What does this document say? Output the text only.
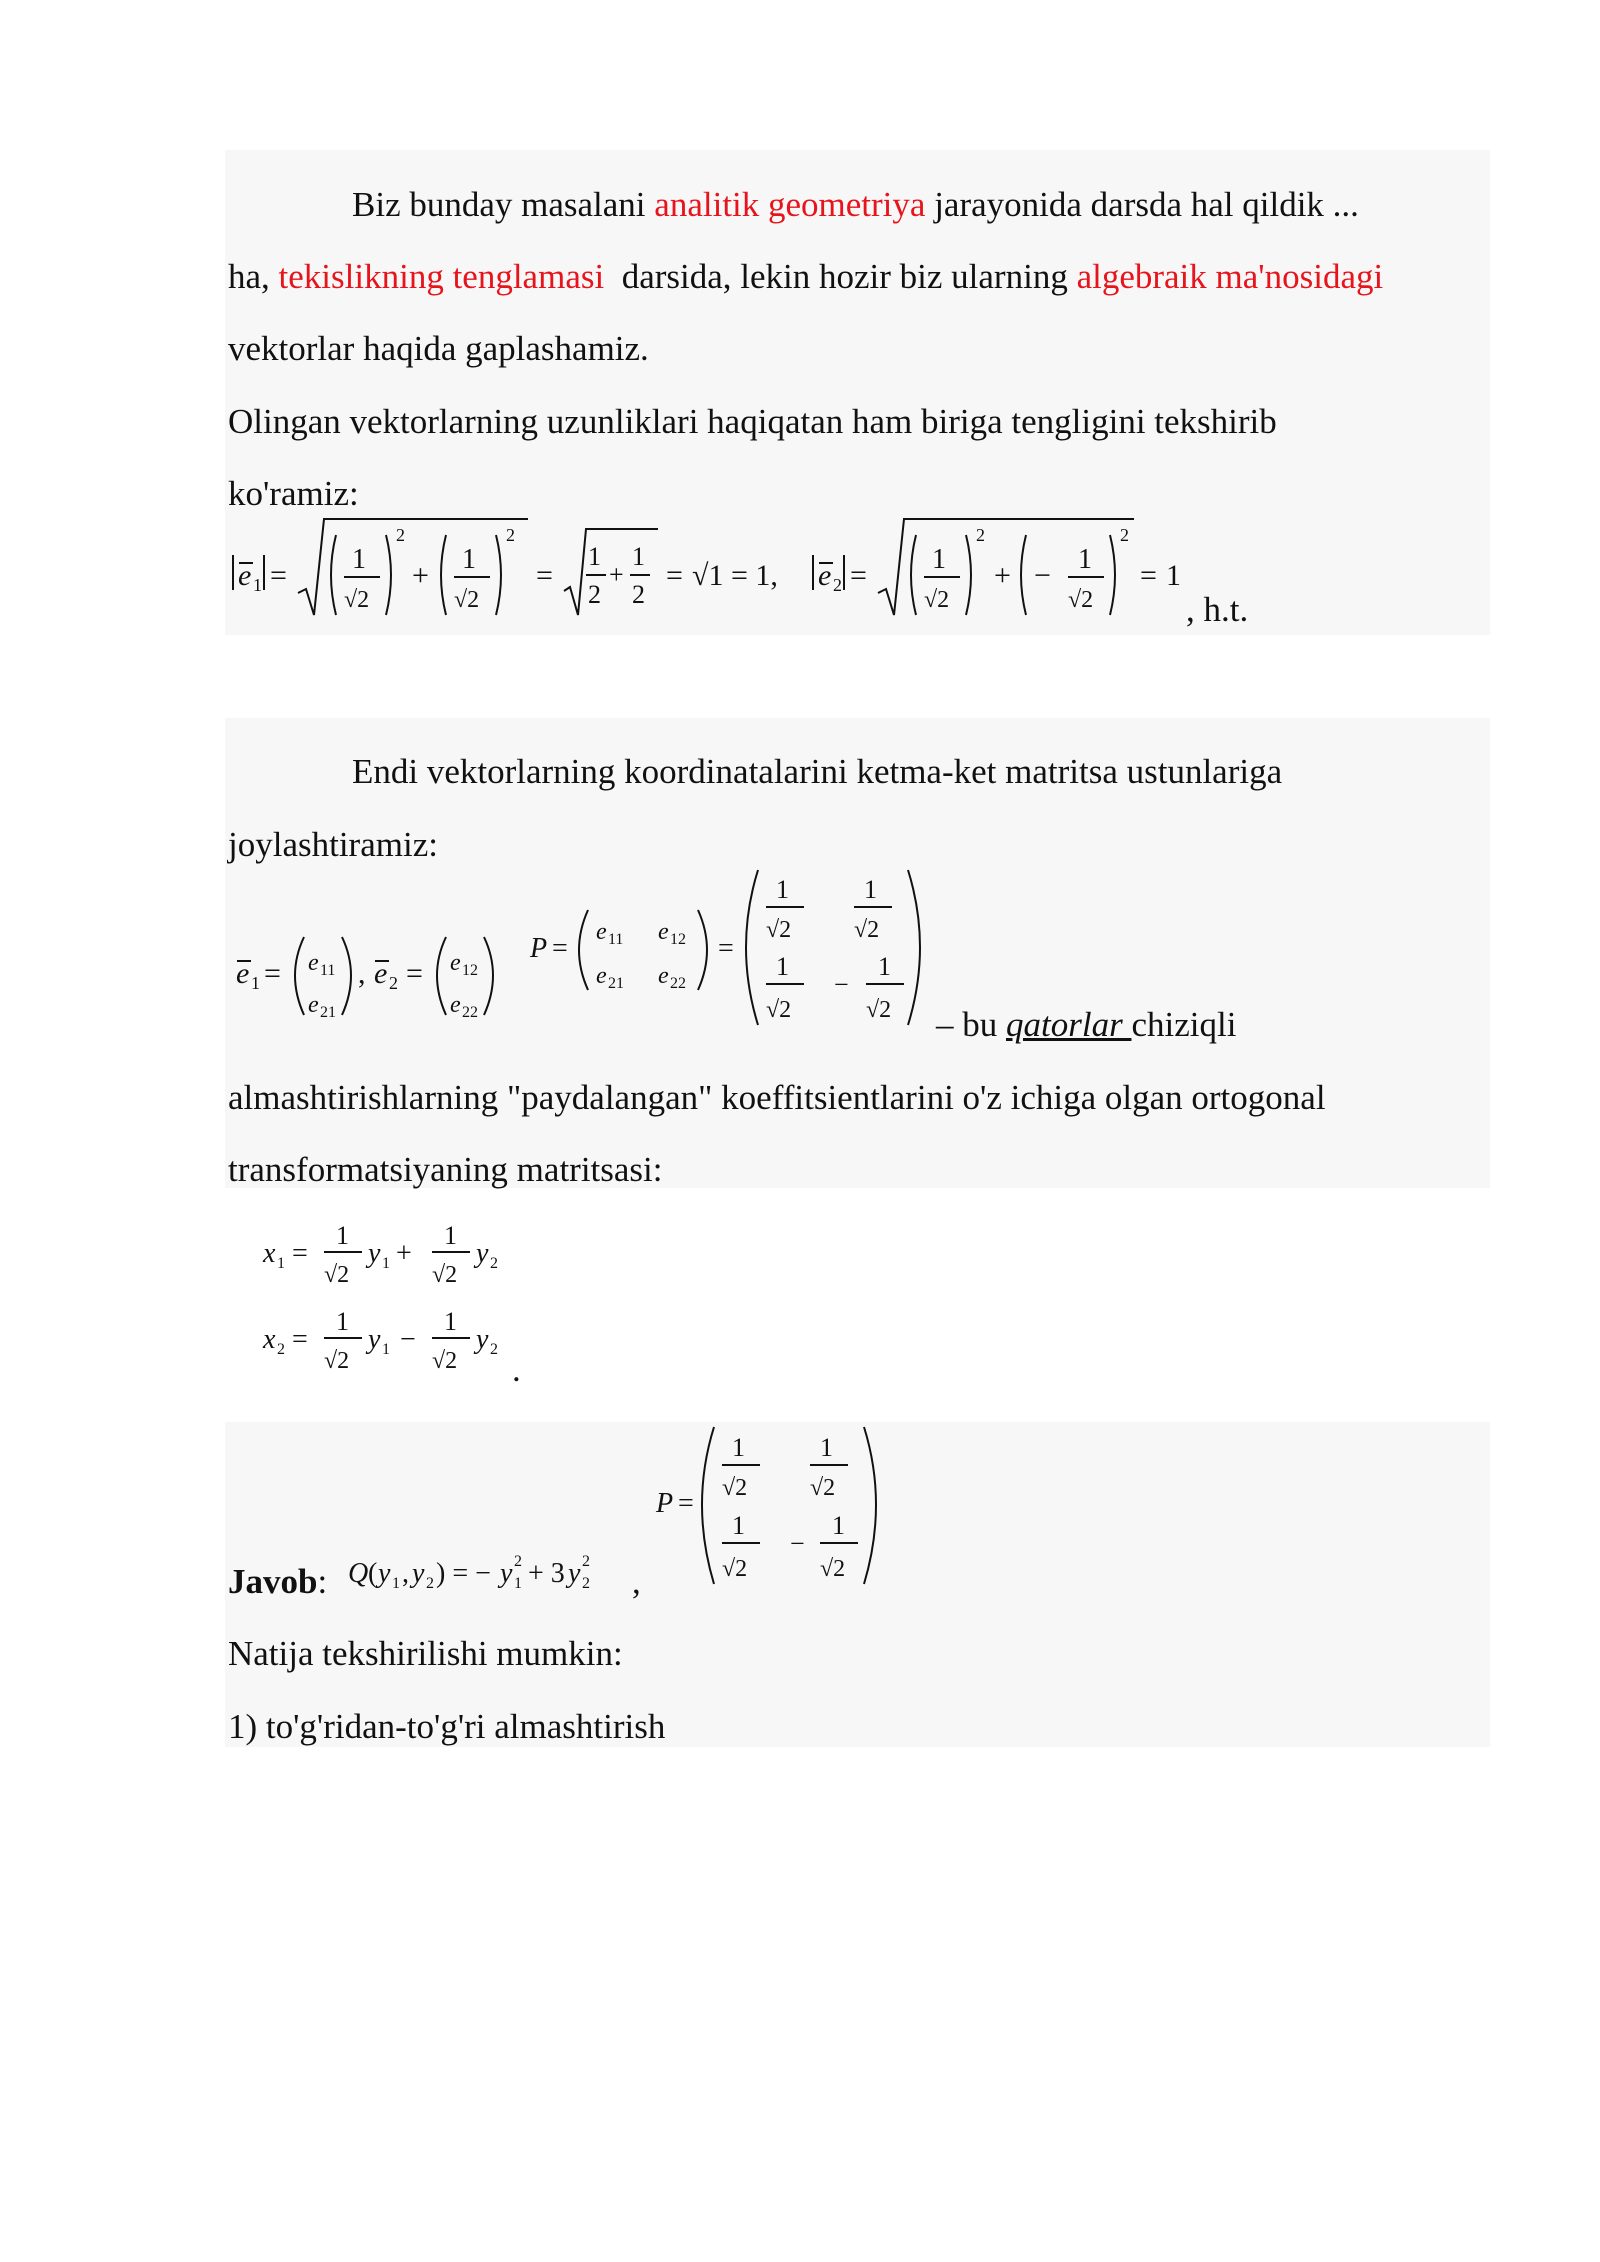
Biz bunday masalani analitik geometriya jarayonida darsda hal qildik ...
ha, tekislikning tenglamasi  darsida, lekin hozir biz ularning algebraik ma'nosidagi
vektorlar haqida gaplashamiz.
Olingan vektorlarning uzunliklari haqiqatan ham biriga tengligini tekshirib
ko'ramiz:
e 1 = 1
√2
2
+ 1
√2
2
=
1
2
+
1
2
= √1 = 1, e 2 = 1
√2
2
+ − 1
√2
2
= 1
, h.t.
Endi vektorlarning koordinatalarini ketma-ket matritsa ustunlariga
joylashtiramiz:
e 1 = e 11
e 21
, e 2 = e 12
e 22
P =
e 11 e 12
e 21 e 22
=
1
√2
1
√2
1
√2
−
1
√2 – bu qatorlar chiziqli
almashtirishlarning "paydalangan" koeffitsientlarini o'z ichiga olgan ortogonal
transformatsiyaning matritsasi:
x 1 =
1
√2
y 1 +
1
√2
y 2
x 2 =
1
√2
y 1 −
1
√2
y 2
.
Javob: Q ( y 1 , y 2 ) = − y 1
2 + 3 y 2
2
,
P =
1
√2
1
√2
1
√2
−
1
√2
Natija tekshirilishi mumkin:
1) to'g'ridan-to'g'ri almashtirish
